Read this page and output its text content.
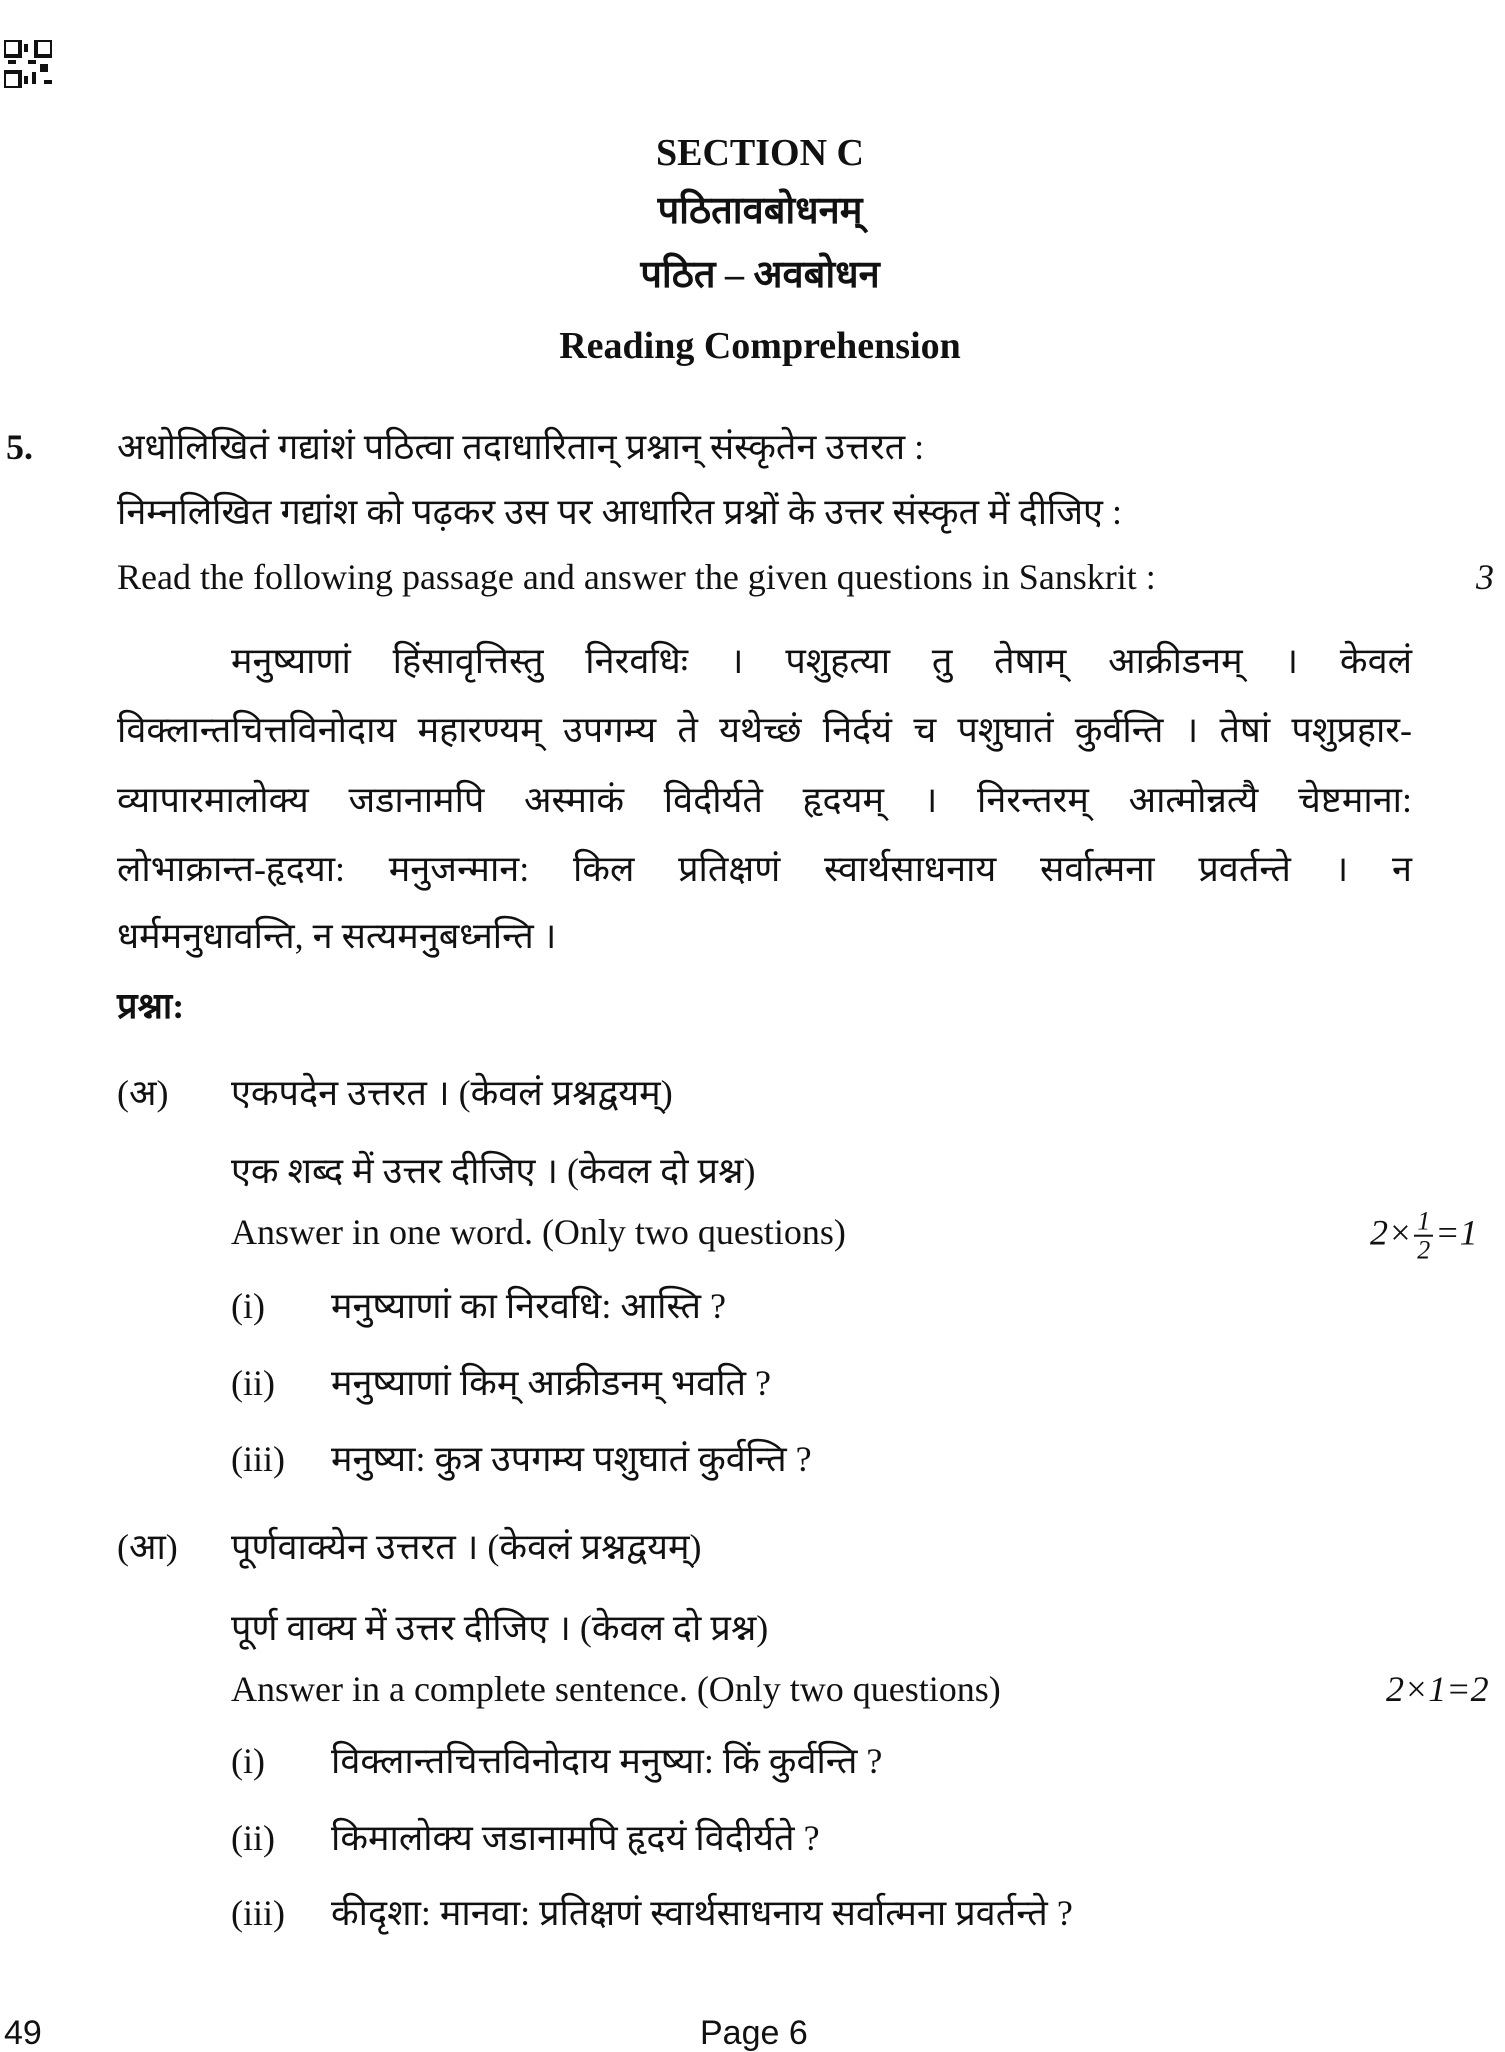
SECTION C
पठितावबोधनम्
पठित – अवबोधन
Reading Comprehension
5. अधोलिखितं गद्यांशं पठित्वा तदाधारितान् प्रश्नान् संस्कृतेन उत्तरत :
निम्नलिखित गद्यांश को पढ़कर उस पर आधारित प्रश्नों के उत्तर संस्कृत में दीजिए :
Read the following passage and answer the given questions in Sanskrit :	3
मनुष्याणां हिंसावृत्तिस्तु निरवधिः । पशुहत्या तु तेषाम् आक्रीडनम् । केवलं
विक्लान्तचित्तविनोदाय महारण्यम् उपगम्य ते यथेच्छं निर्दयं च पशुघातं कुर्वन्ति । तेषां पशुप्रहार-
व्यापारमालोक्य जडानामपि अस्माकं विदीर्यते हृदयम् । निरन्तरम् आत्मोन्नत्यै चेष्टमाना:
लोभाक्रान्त-हृदया: मनुजन्मान: किल प्रतिक्षणं स्वार्थसाधनाय सर्वात्मना प्रवर्तन्ते । न
धर्ममनुधावन्ति, न सत्यमनुबध्नन्ति ।
प्रश्ना:
(अ) एकपदेन उत्तरत । (केवलं प्रश्नद्वयम्)
एक शब्द में उत्तर दीजिए । (केवल दो प्रश्न)
Answer in one word. (Only two questions)	$2\times \frac{1}{2} =1$
(i) मनुष्याणां का निरवधि: आस्ति ?
(ii) मनुष्याणां किम् आक्रीडनम् भवति ?
(iii) मनुष्या: कुत्र उपगम्य पशुघातं कुर्वन्ति ?
(आ) पूर्णवाक्येन उत्तरत । (केवलं प्रश्नद्वयम्)
पूर्ण वाक्य में उत्तर दीजिए । (केवल दो प्रश्न)
Answer in a complete sentence. (Only two questions)	2×1=2
(i) विक्लान्तचित्तविनोदाय मनुष्या: किं कुर्वन्ति ?
(ii) किमालोक्य जडानामपि हृदयं विदीर्यते ?
(iii) कीदृशा: मानवा: प्रतिक्षणं स्वार्थसाधनाय सर्वात्मना प्रवर्तन्ते ?
49	Page 6
